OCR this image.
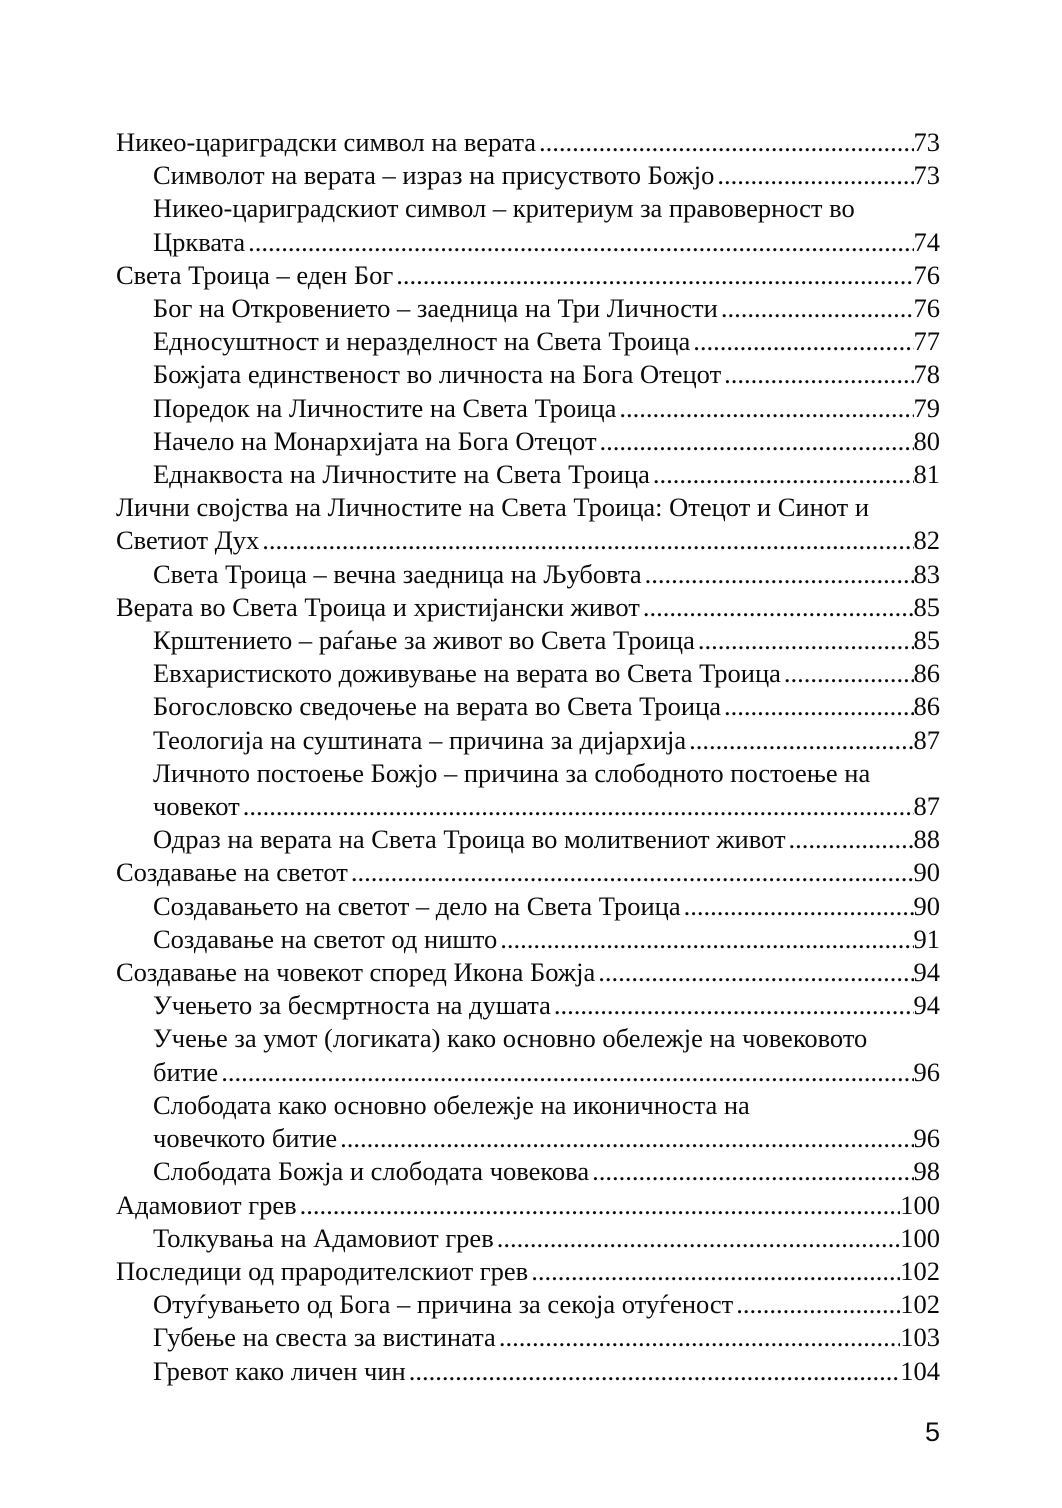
Никео-цариградски символ на верата .....	73
Символот на верата – израз на присуството Божјо .....	73
Никео-цариградскиот символ – критериум за правоверност во
Црквата .....	74
Света Троица – еден Бог .....	76
Бог на Откровението – заедница на Три Личности .....	76
Едносуштност и неразделност на Света Троица .....	77
Божјата единственост во личноста на Бога Отецот .....	78
Поредок на Личностите на Света Троица .....	79
Начело на Монархијата на Бога Отецот .....	80
Еднаквоста на Личностите на Света Троица .....	81
Лични својства на Личностите на Света Троица: Отецот и Синот и
Светиот Дух .....	82
Света Троица – вечна заедница на Љубовта .....	83
Верата во Света Троица и христијански живот .....	85
Крштението – раѓање за живот во Света Троица .....	85
Евхаристиското доживување на верата во Света Троица .....	86
Богословско сведочење на верата во Света Троица .....	86
Теологија на суштината – причина за дијархија .....	87
Личното постоење Божјо – причина за слободното постоење на
човекот .....	87
Одраз на верата на Света Троица во молитвениот живот .....	88
Создавање на светот .....	90
Создавањето на светот – дело на Света Троица .....	90
Создавање на светот од ништо .....	91
Создавање на човекот според Икона Божја .....	94
Учењето за бесмртноста на душата .....	94
Учење за умот (логиката) како основно обележје на човековото
битие .....	96
Слободата како основно обележје на иконичноста на
човечкото битие .....	96
Слободата Божја и слободата човекова .....	98
Адамовиот грев .....	100
Толкувања на Адамовиот грев .....	100
Последици од прародителскиот грев .....	102
Отуѓувањето од Бога – причина за секоја отуѓеност .....	102
Губење на свеста за вистината .....	103
Гревот како личен чин .....	104
5
